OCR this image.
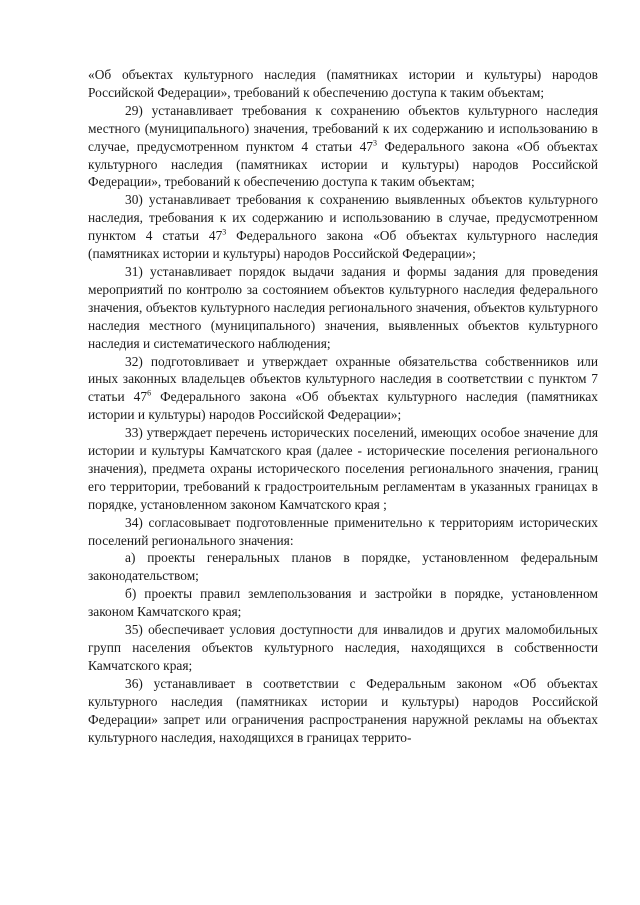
«Об объектах культурного наследия (памятниках истории и культуры) народов Российской Федерации», требований к обеспечению доступа к таким объектам;

29) устанавливает требования к сохранению объектов культурного наследия местного (муниципального) значения, требований к их содержанию и использованию в случае, предусмотренном пунктом 4 статьи $47^3$ Федерального закона «Об объектах культурного наследия (памятниках истории и культуры) народов Российской Федерации», требований к обеспечению доступа к таким объектам;

30) устанавливает требования к сохранению выявленных объектов культурного наследия, требования к их содержанию и использованию в случае, предусмотренном пунктом 4 статьи $47^3$ Федерального закона «Об объектах культурного наследия (памятниках истории и культуры) народов Российской Федерации»;

31) устанавливает порядок выдачи задания и формы задания для проведения мероприятий по контролю за состоянием объектов культурного наследия федерального значения, объектов культурного наследия регионального значения, объектов культурного наследия местного (муниципального) значения, выявленных объектов культурного наследия и систематического наблюдения;

32) подготовливает и утверждает охранные обязательства собственников или иных законных владельцев объектов культурного наследия в соответствии с пунктом 7 статьи $47^6$ Федерального закона «Об объектах культурного наследия (памятниках истории и культуры) народов Российской Федерации»;

33) утверждает перечень исторических поселений, имеющих особое значение для истории и культуры Камчатского края (далее - исторические поселения регионального значения), предмета охраны исторического поселения регионального значения, границ его территории, требований к градостроительным регламентам в указанных границах в порядке, установленном законом Камчатского края ;

34) согласовывает подготовленные применительно к территориям исторических поселений регионального значения:

а) проекты генеральных планов в порядке, установленном федеральным законодательством;

б) проекты правил землепользования и застройки в порядке, установленном законом Камчатского края;

35) обеспечивает условия доступности для инвалидов и других маломобильных групп населения объектов культурного наследия, находящихся в собственности Камчатского края;

36) устанавливает в соответствии с Федеральным законом «Об объектах культурного наследия (памятниках истории и культуры) народов Российской Федерации» запрет или ограничения распространения наружной рекламы на объектах культурного наследия, находящихся в границах террито-
